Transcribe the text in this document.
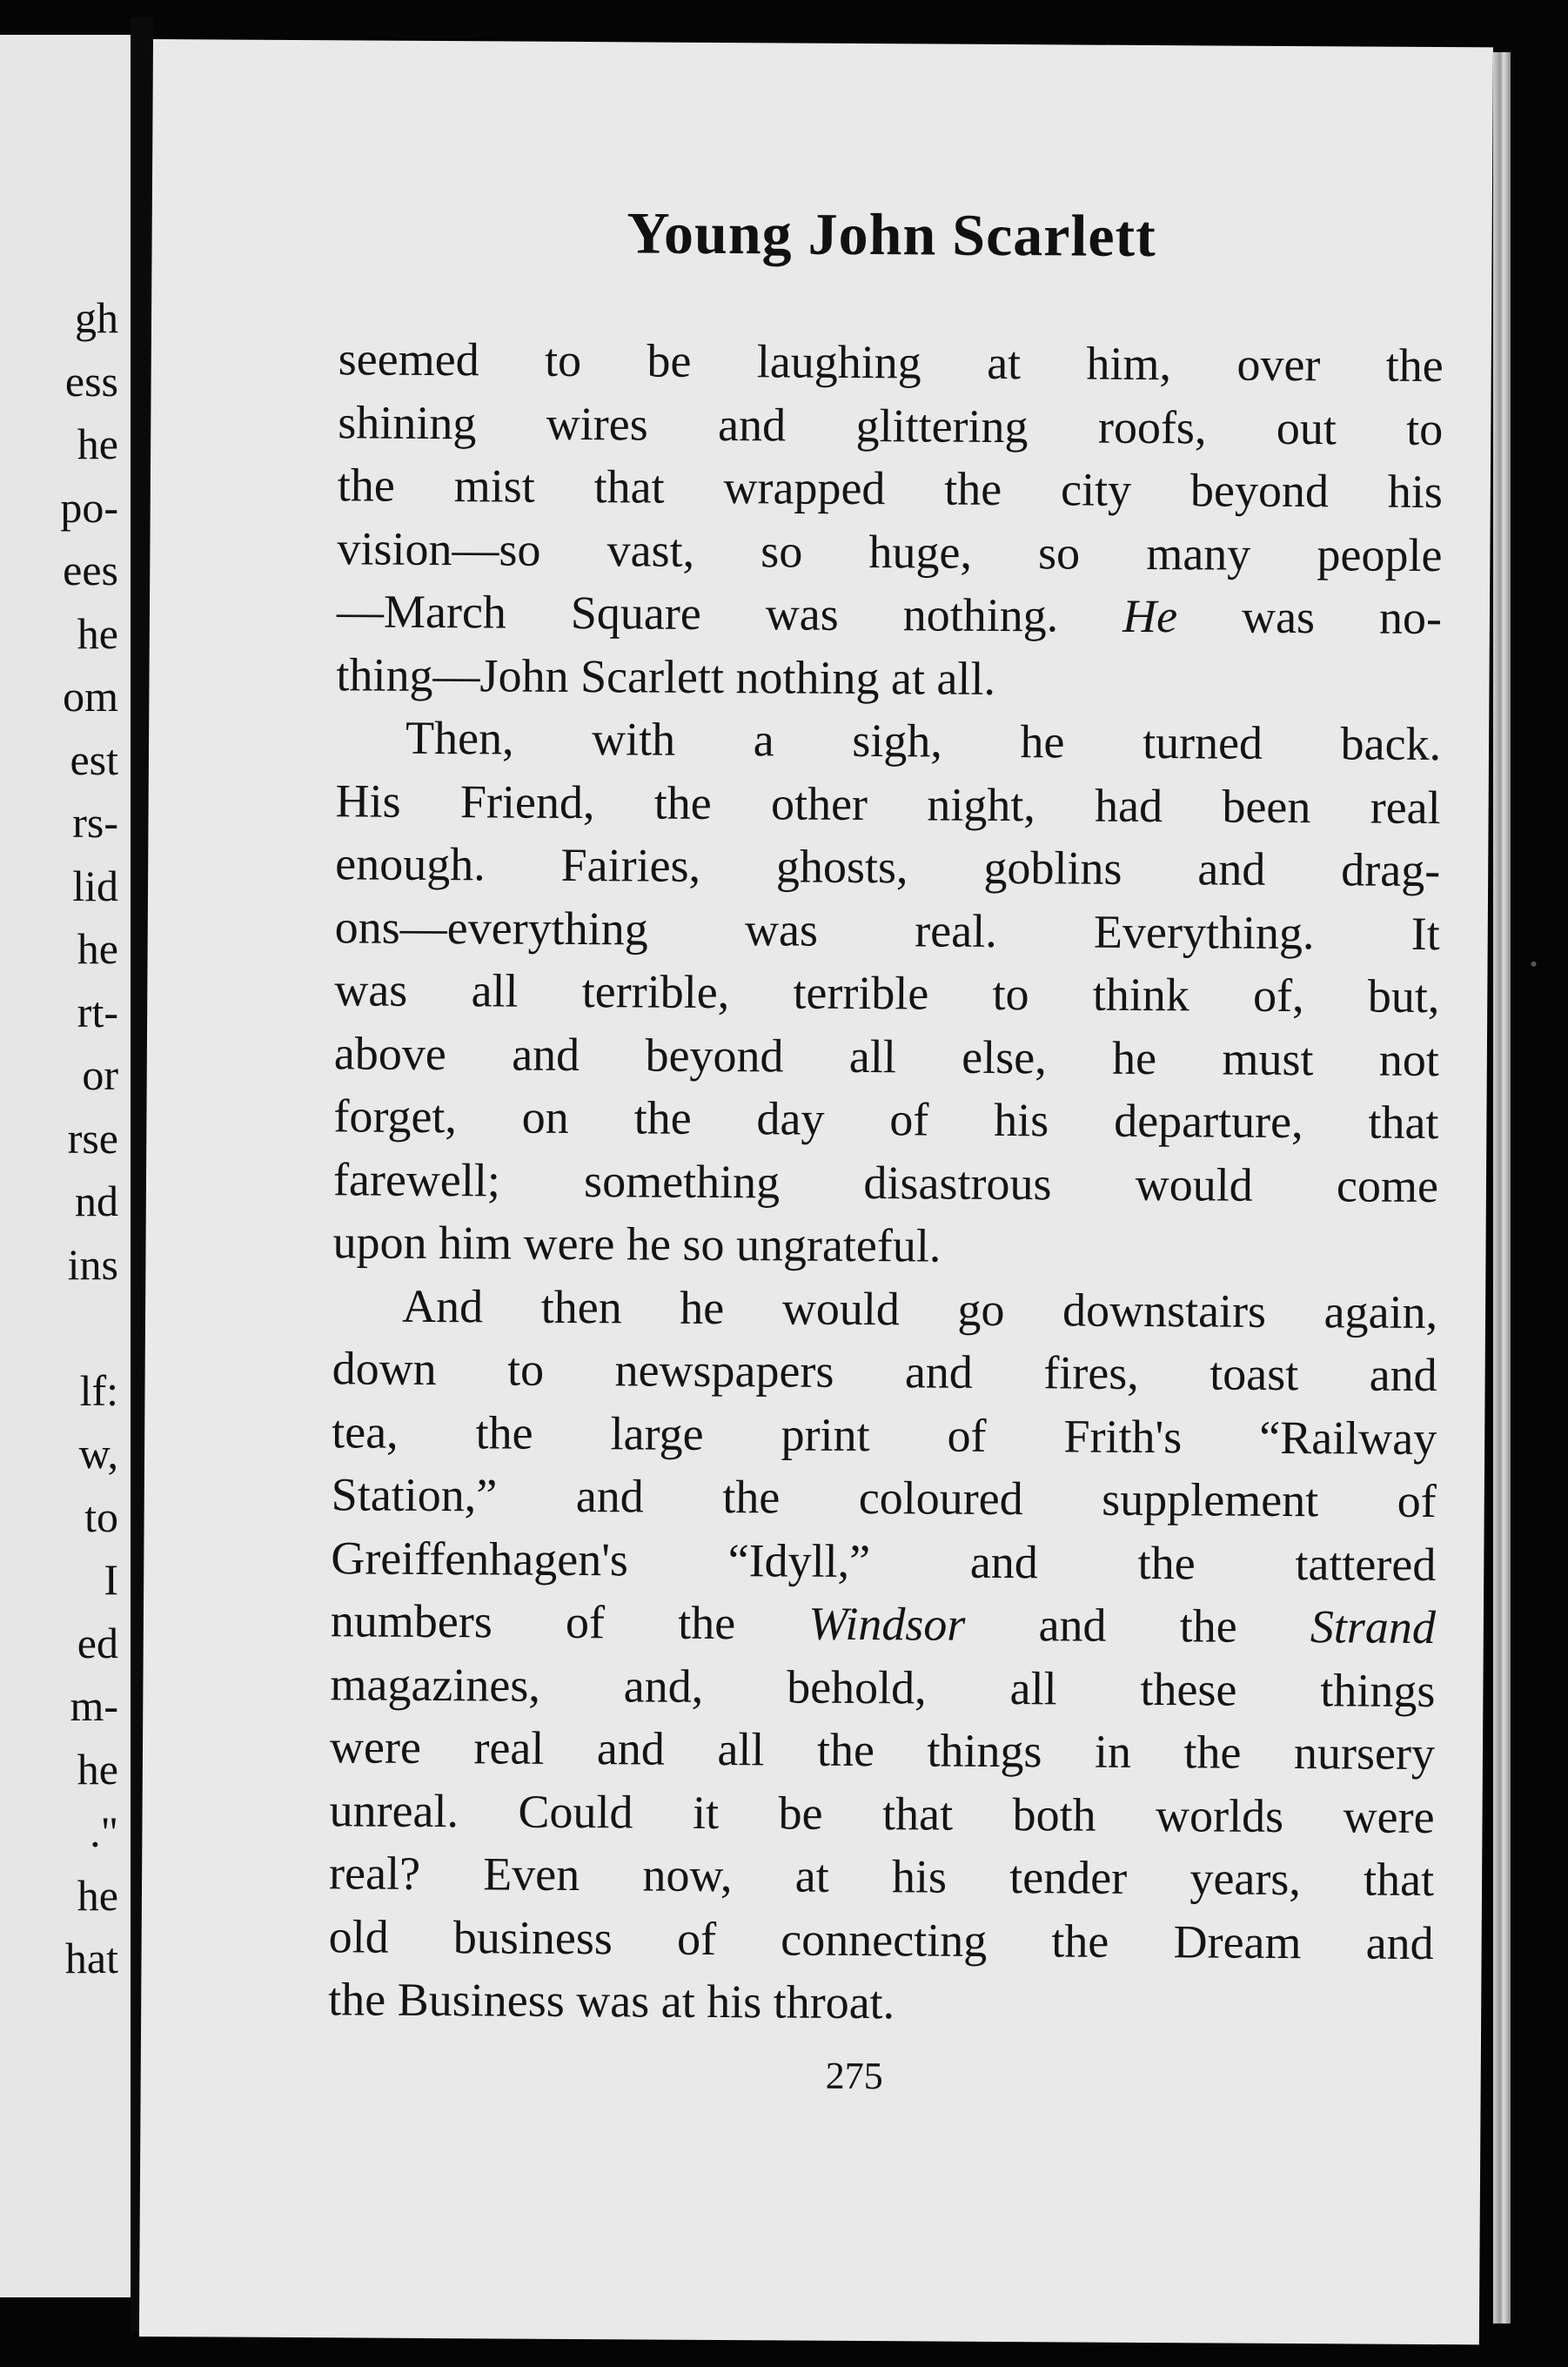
gh
ess
he
po-
ees
he
om
est
rs-
lid
he
rt-
or
rse
nd
ins
lf:
w,
to
I
ed
m-
he
."
he
hat
Young John Scarlett
seemed to be laughing at him, over the
shining wires and glittering roofs, out to
the mist that wrapped the city beyond his
vision—so vast, so huge, so many people
—March Square was nothing. He was no-
thing—John Scarlett nothing at all.
Then, with a sigh, he turned back.
His Friend, the other night, had been real
enough. Fairies, ghosts, goblins and drag-
ons—everything was real. Everything. It
was all terrible, terrible to think of, but,
above and beyond all else, he must not
forget, on the day of his departure, that
farewell; something disastrous would come
upon him were he so ungrateful.
And then he would go downstairs again,
down to newspapers and fires, toast and
tea, the large print of Frith's “Railway
Station,” and the coloured supplement of
Greiffenhagen's “Idyll,” and the tattered
numbers of the Windsor and the Strand
magazines, and, behold, all these things
were real and all the things in the nursery
unreal. Could it be that both worlds were
real? Even now, at his tender years, that
old business of connecting the Dream and
the Business was at his throat.
275
